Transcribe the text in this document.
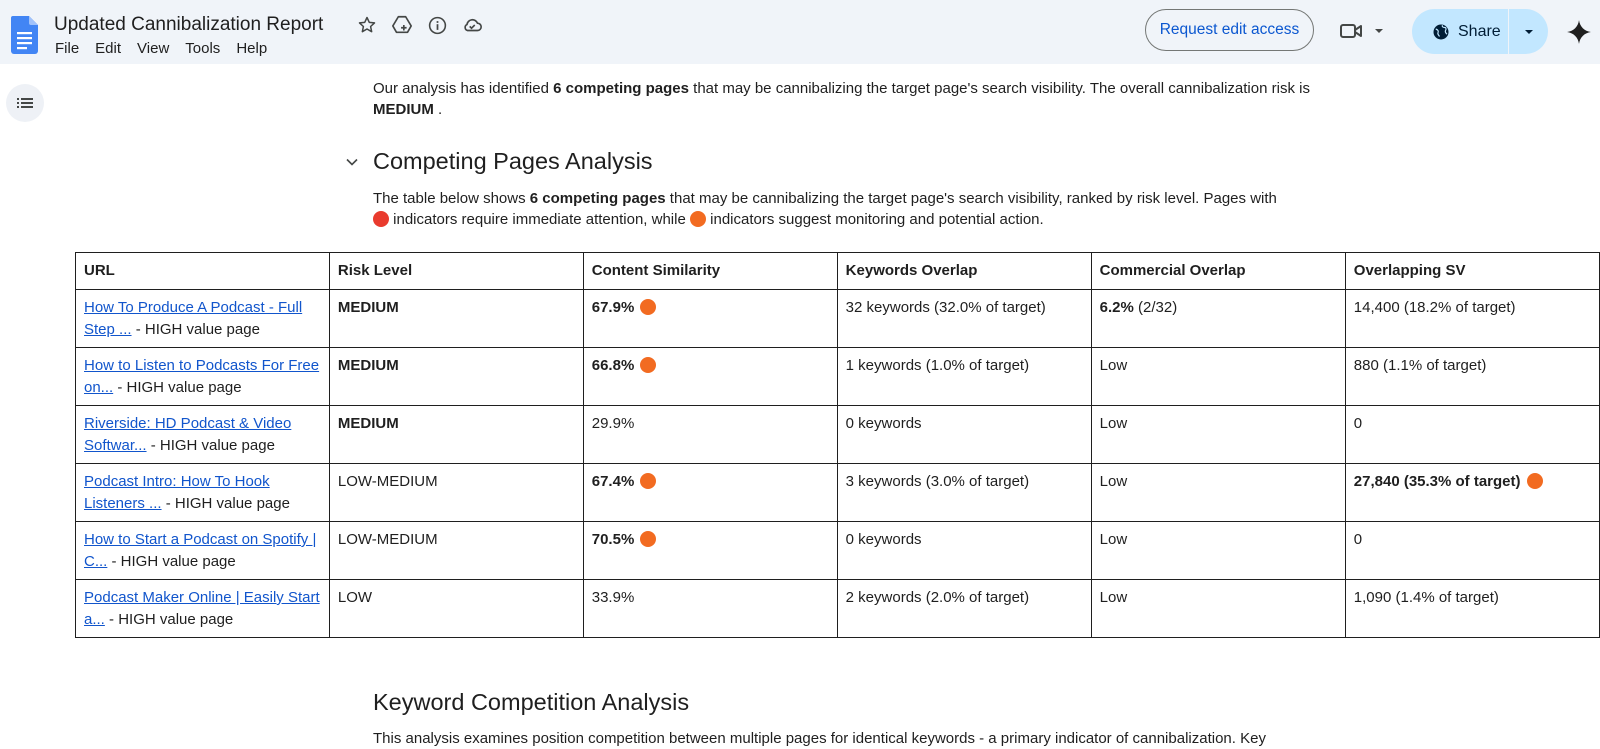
Updated Cannibalization Report
File Edit View Tools Help
Request edit access	Share
Our analysis has identified 6 competing pages that may be cannibalizing the target page's search visibility. The overall cannibalization risk is MEDIUM .
Competing Pages Analysis
The table below shows 6 competing pages that may be cannibalizing the target page's search visibility, ranked by risk level. Pages with
indicators require immediate attention, while  indicators suggest monitoring and potential action.
URL	Risk Level	Content Similarity	Keywords Overlap	Commercial Overlap	Overlapping SV
How To Produce A Podcast - Full Step ... - HIGH value page	MEDIUM	67.9%	32 keywords (32.0% of target)	6.2% (2/32)	14,400 (18.2% of target)
How to Listen to Podcasts For Free on... - HIGH value page	MEDIUM	66.8%	1 keywords (1.0% of target)	Low	880 (1.1% of target)
Riverside: HD Podcast & Video Softwar... - HIGH value page	MEDIUM	29.9%	0 keywords	Low	0
Podcast Intro: How To Hook Listeners ... - HIGH value page	LOW-MEDIUM	67.4%	3 keywords (3.0% of target)	Low	27,840 (35.3% of target)
How to Start a Podcast on Spotify | C... - HIGH value page	LOW-MEDIUM	70.5%	0 keywords	Low	0
Podcast Maker Online | Easily Start a... - HIGH value page	LOW	33.9%	2 keywords (2.0% of target)	Low	1,090 (1.4% of target)
Keyword Competition Analysis
This analysis examines position competition between multiple pages for identical keywords - a primary indicator of cannibalization. Key
